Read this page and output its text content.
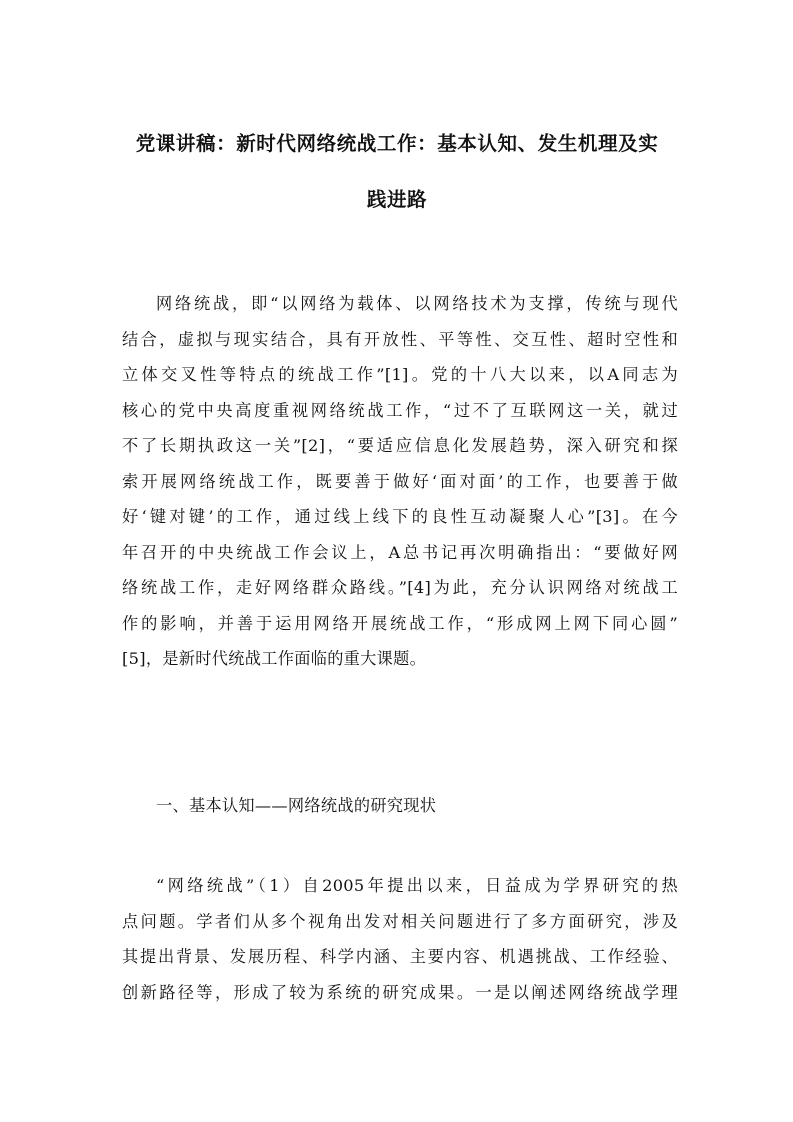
党课讲稿：新时代网络统战工作：基本认知、发生机理及实
践进路

网络统战，即“以网络为载体、以网络技术为支撑，传统与现代
结合，虚拟与现实结合，具有开放性、平等性、交互性、超时空性和
立体交叉性等特点的统战工作”[1]。党的十八大以来，以A同志为
核心的党中央高度重视网络统战工作，“过不了互联网这一关，就过
不了长期执政这一关”[2]，“要适应信息化发展趋势，深入研究和探
索开展网络统战工作，既要善于做好‘面对面’的工作，也要善于做
好‘键对键’的工作，通过线上线下的良性互动凝聚人心”[3]。在今
年召开的中央统战工作会议上，A总书记再次明确指出：“要做好网
络统战工作，走好网络群众路线。”[4]为此，充分认识网络对统战工
作的影响，并善于运用网络开展统战工作，“形成网上网下同心圆”
[5]，是新时代统战工作面临的重大课题。

一、基本认知——网络统战的研究现状

“网络统战”（1）自2005年提出以来，日益成为学界研究的热
点问题。学者们从多个视角出发对相关问题进行了多方面研究，涉及
其提出背景、发展历程、科学内涵、主要内容、机遇挑战、工作经验、
创新路径等，形成了较为系统的研究成果。一是以阐述网络统战学理
